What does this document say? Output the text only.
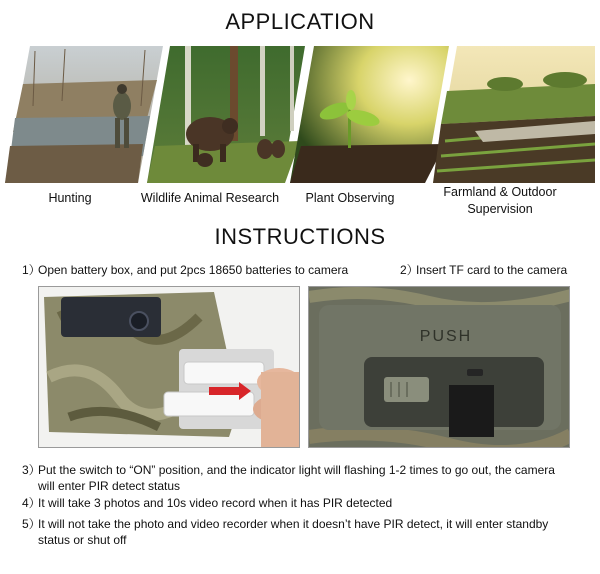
APPLICATION
Hunting	Wildlife Animal Research	Plant Observing	Farmland & Outdoor
Supervision
INSTRUCTIONS
1）Open battery box, and put 2pcs 18650 batteries to camera	2）Insert TF card to the camera
PUSH
3）Put the switch to “ON” position, and the indicator light will flashing 1-2 times to go out, the camera
will enter PIR detect status
4）It will take 3 photos and 10s video record when it has PIR detected
5）It will not take the photo and video recorder when it doesn’t have PIR detect, it will enter standby
status or shut off
